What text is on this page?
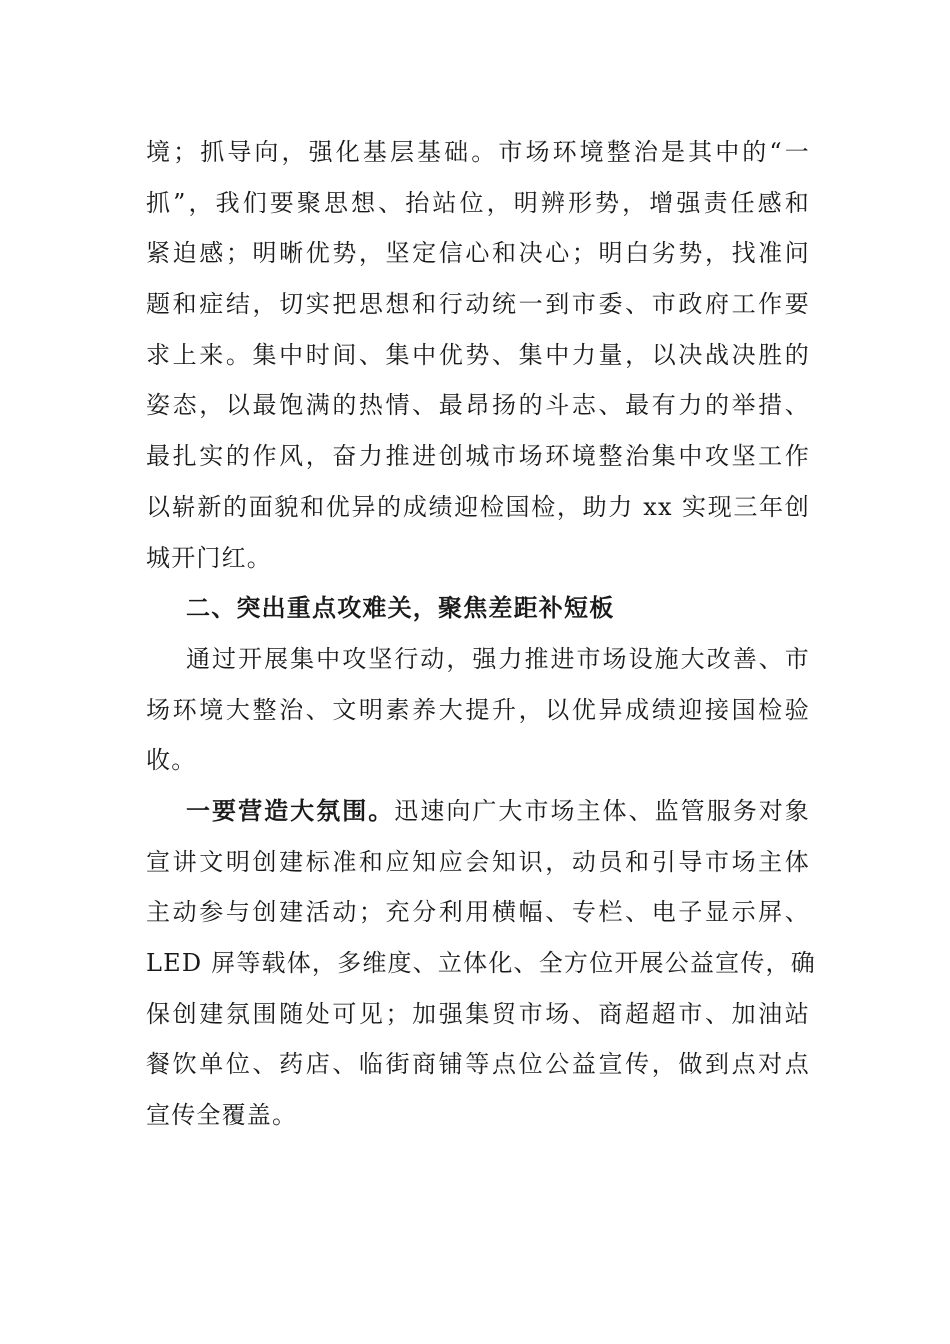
境；抓导向，强化基层基础。市场环境整治是其中的“一
抓”，我们要聚思想、抬站位，明辨形势，增强责任感和
紧迫感；明晰优势，坚定信心和决心；明白劣势，找准问
题和症结，切实把思想和行动统一到市委、市政府工作要
求上来。集中时间、集中优势、集中力量，以决战决胜的
姿态，以最饱满的热情、最昂扬的斗志、最有力的举措、
最扎实的作风，奋力推进创城市场环境整治集中攻坚工作
以崭新的面貌和优异的成绩迎检国检，助力 xx 实现三年创
城开门红。
二、突出重点攻难关，聚焦差距补短板
通过开展集中攻坚行动，强力推进市场设施大改善、市
场环境大整治、文明素养大提升，以优异成绩迎接国检验
收。
一要营造大氛围。迅速向广大市场主体、监管服务对象
宣讲文明创建标准和应知应会知识，动员和引导市场主体
主动参与创建活动；充分利用横幅、专栏、电子显示屏、
LED 屏等载体，多维度、立体化、全方位开展公益宣传，确
保创建氛围随处可见；加强集贸市场、商超超市、加油站
餐饮单位、药店、临街商铺等点位公益宣传，做到点对点
宣传全覆盖。
